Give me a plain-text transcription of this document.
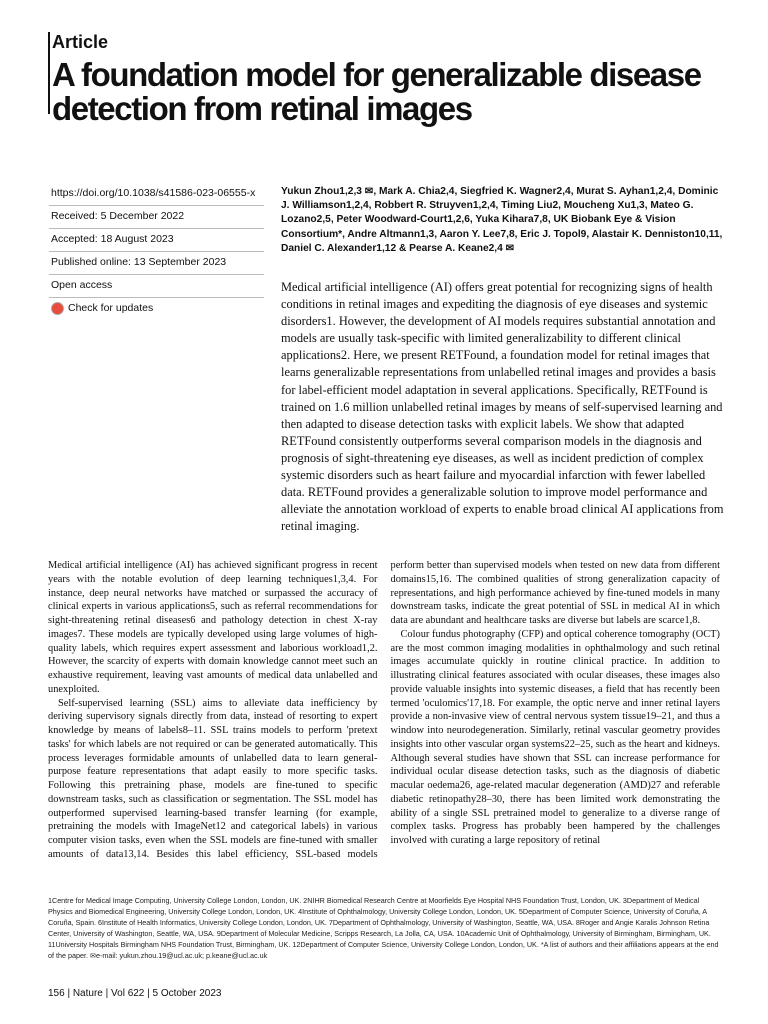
Article
A foundation model for generalizable disease detection from retinal images
https://doi.org/10.1038/s41586-023-06555-x
Received: 5 December 2022
Accepted: 18 August 2023
Published online: 13 September 2023
Open access
Check for updates
Yukun Zhou1,2,3 ✉, Mark A. Chia2,4, Siegfried K. Wagner2,4, Murat S. Ayhan1,2,4, Dominic J. Williamson1,2,4, Robbert R. Struyven1,2,4, Timing Liu2, Moucheng Xu1,3, Mateo G. Lozano2,5, Peter Woodward-Court1,2,6, Yuka Kihara7,8, UK Biobank Eye & Vision Consortium*, Andre Altmann1,3, Aaron Y. Lee7,8, Eric J. Topol9, Alastair K. Denniston10,11, Daniel C. Alexander1,12 & Pearse A. Keane2,4 ✉
Medical artificial intelligence (AI) offers great potential for recognizing signs of health conditions in retinal images and expediting the diagnosis of eye diseases and systemic disorders1. However, the development of AI models requires substantial annotation and models are usually task-specific with limited generalizability to different clinical applications2. Here, we present RETFound, a foundation model for retinal images that learns generalizable representations from unlabelled retinal images and provides a basis for label-efficient model adaptation in several applications. Specifically, RETFound is trained on 1.6 million unlabelled retinal images by means of self-supervised learning and then adapted to disease detection tasks with explicit labels. We show that adapted RETFound consistently outperforms several comparison models in the diagnosis and prognosis of sight-threatening eye diseases, as well as incident prediction of complex systemic disorders such as heart failure and myocardial infarction with fewer labelled data. RETFound provides a generalizable solution to improve model performance and alleviate the annotation workload of experts to enable broad clinical AI applications from retinal imaging.

Medical artificial intelligence (AI) has achieved significant progress in recent years with the notable evolution of deep learning techniques1,3,4. For instance, deep neural networks have matched or surpassed the accuracy of clinical experts in various applications5, such as referral recommendations for sight-threatening retinal diseases6 and pathology detection in chest X-ray images7. These models are typically developed using large volumes of high-quality labels, which requires expert assessment and laborious workload1,2. However, the scarcity of experts with domain knowledge cannot meet such an exhaustive requirement, leaving vast amounts of medical data unlabelled and unexploited.

Self-supervised learning (SSL) aims to alleviate data inefficiency by deriving supervisory signals directly from data, instead of resorting to expert knowledge by means of labels8–11. SSL trains models to perform 'pretext tasks' for which labels are not required or can be generated automatically. This process leverages formidable amounts of unlabelled data to learn general-purpose feature representations that adapt easily to more specific tasks. Following this pretraining phase, models are fine-tuned to specific downstream tasks, such as classification or segmentation. The SSL model has outperformed supervised learning-based transfer learning (for example, pretraining the models with ImageNet12 and categorical labels) in various computer vision tasks, even when the SSL models are fine-tuned with smaller amounts of data13,14. Besides this label efficiency, SSL-based models perform better than supervised models when tested on new data from different domains15,16. The combined qualities of strong generalization capacity of representations, and high performance achieved by fine-tuned models in many downstream tasks, indicate the great potential of SSL in medical AI in which data are abundant and healthcare tasks are diverse but labels are scarce1,8.

Colour fundus photography (CFP) and optical coherence tomography (OCT) are the most common imaging modalities in ophthalmology and such retinal images accumulate quickly in routine clinical practice. In addition to illustrating clinical features associated with ocular diseases, these images also provide valuable insights into systemic diseases, a field that has recently been termed 'oculomics'17,18. For example, the optic nerve and inner retinal layers provide a non-invasive view of central nervous system tissue19–21, and thus a window into neurodegeneration. Similarly, retinal vascular geometry provides insights into other vascular organ systems22–25, such as the heart and kidneys. Although several studies have shown that SSL can increase performance for individual ocular disease detection tasks, such as the diagnosis of diabetic macular oedema26, age-related macular degeneration (AMD)27 and referable diabetic retinopathy28–30, there has been limited work demonstrating the ability of a single SSL pretrained model to generalize to a diverse range of complex tasks. Progress has probably been hampered by the challenges involved with curating a large repository of retinal

1Centre for Medical Image Computing, University College London, London, UK. 2NIHR Biomedical Research Centre at Moorfields Eye Hospital NHS Foundation Trust, London, UK. 3Department of Medical Physics and Biomedical Engineering, University College London, London, UK. 4Institute of Ophthalmology, University College London, London, UK. 5Department of Computer Science, University of Coruña, A Coruña, Spain. 6Institute of Health Informatics, University College London, London, UK. 7Department of Ophthalmology, University of Washington, Seattle, WA, USA. 8Roger and Angie Karalis Johnson Retina Center, University of Washington, Seattle, WA, USA. 9Department of Molecular Medicine, Scripps Research, La Jolla, CA, USA. 10Academic Unit of Ophthalmology, University of Birmingham, Birmingham, UK. 11University Hospitals Birmingham NHS Foundation Trust, Birmingham, UK. 12Department of Computer Science, University College London, London, UK. *A list of authors and their affiliations appears at the end of the paper. ✉e-mail: yukun.zhou.19@ucl.ac.uk; p.keane@ucl.ac.uk
156 | Nature | Vol 622 | 5 October 2023
